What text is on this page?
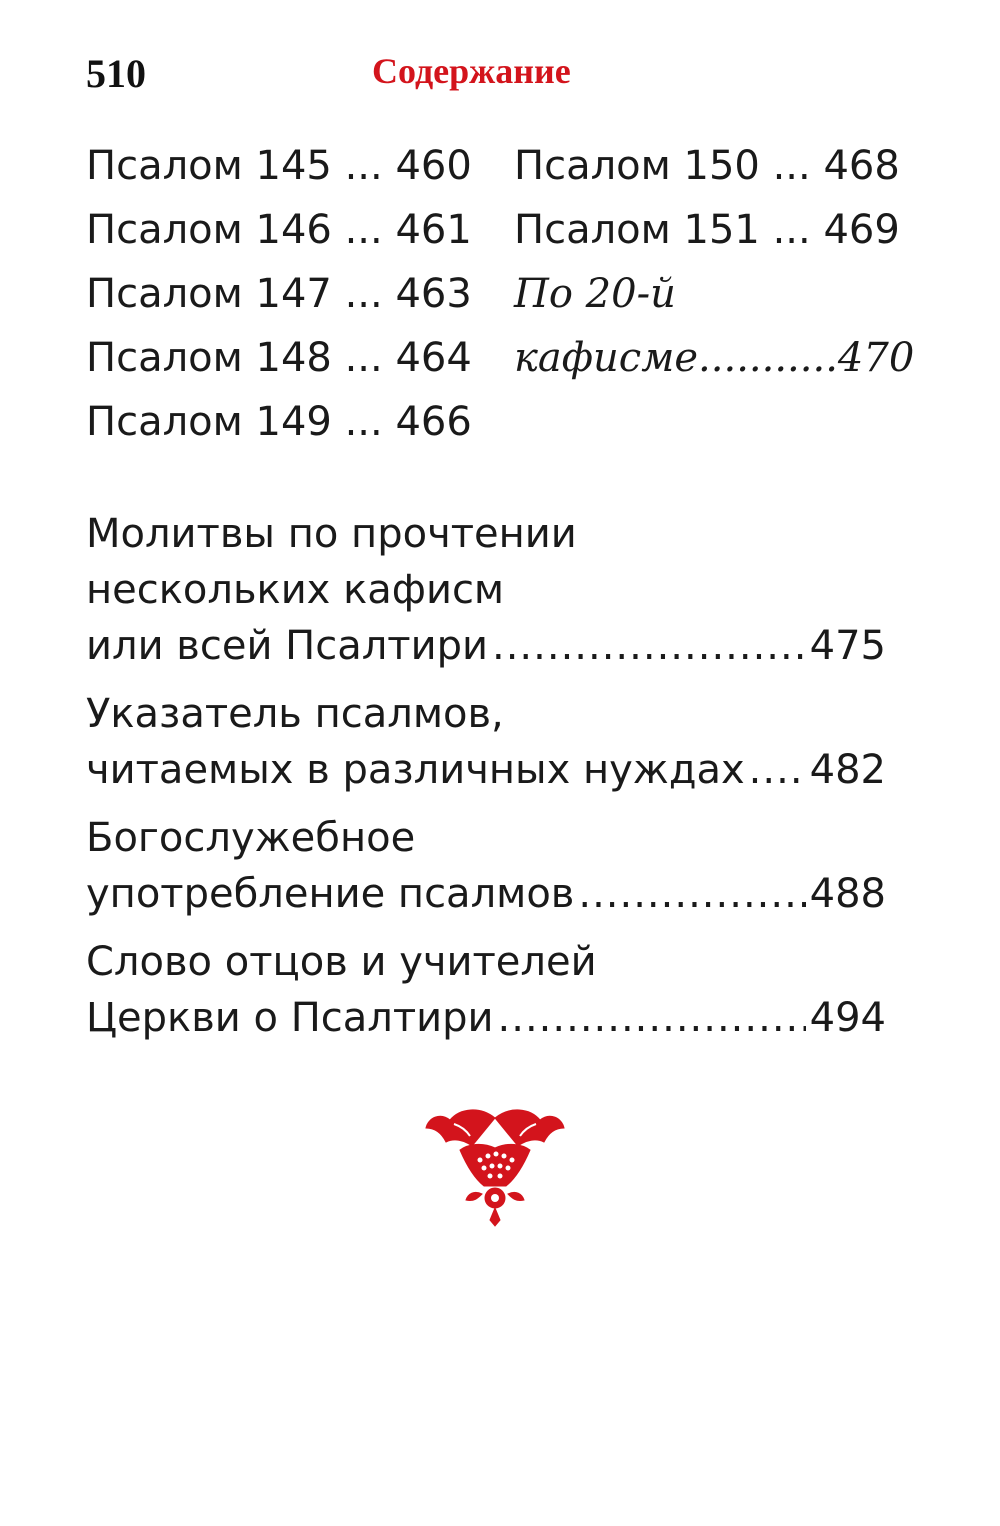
510	Содержание
Псалом 145 ... 460
Псалом 146 ... 461
Псалом 147 ... 463
Псалом 148 ... 464
Псалом 149 ... 466
Псалом 150 ... 468
Псалом 151 ... 469
По 20-й
кафисме...........470
Молитвы по прочтении
нескольких кафисм
или всей Псалтири .....	475
Указатель псалмов,
читаемых в различных нуждах ..... 482
Богослужебное
употребление псалмов .....	488
Слово отцов и учителей
Церкви о Псалтири .....	494
